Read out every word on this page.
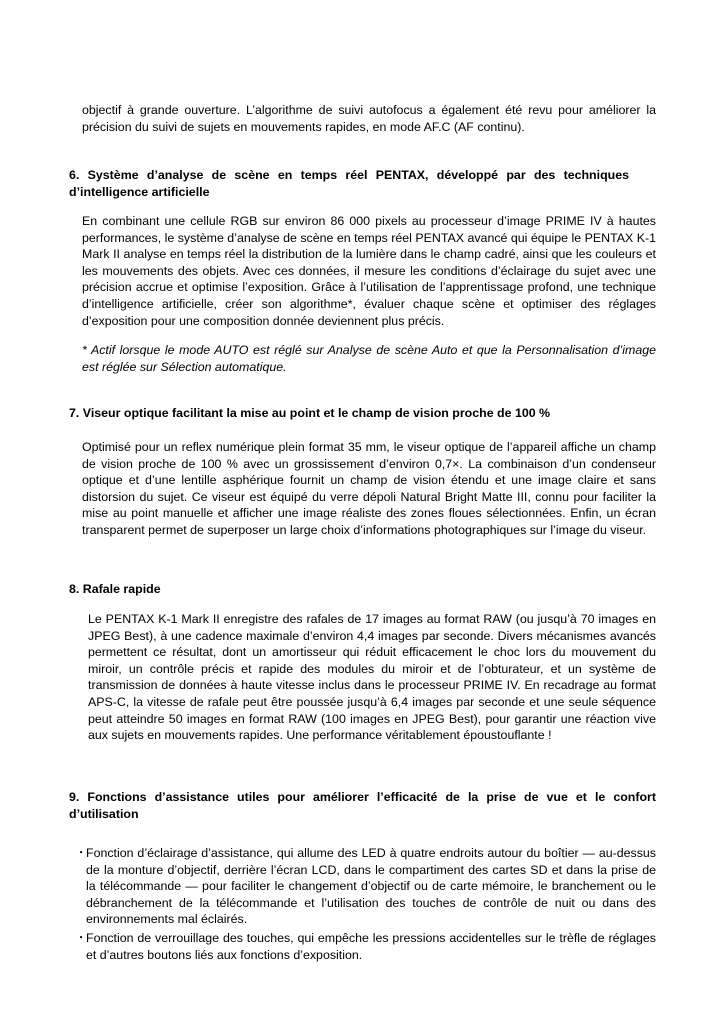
objectif à grande ouverture. L’algorithme de suivi autofocus a également été revu pour améliorer la précision du suivi de sujets en mouvements rapides, en mode AF.C (AF continu).

6. Système d’analyse de scène en temps réel PENTAX, développé par des techniques d’intelligence artificielle

En combinant une cellule RGB sur environ 86 000 pixels au processeur d’image PRIME IV à hautes performances, le système d’analyse de scène en temps réel PENTAX avancé qui équipe le PENTAX K-1 Mark II analyse en temps réel la distribution de la lumière dans le champ cadré, ainsi que les couleurs et les mouvements des objets. Avec ces données, il mesure les conditions d’éclairage du sujet avec une précision accrue et optimise l’exposition. Grâce à l’utilisation de l’apprentissage profond, une technique d’intelligence artificielle, créer son algorithme*, évaluer chaque scène et optimiser des réglages d’exposition pour une composition donnée deviennent plus précis.

* Actif lorsque le mode AUTO est réglé sur Analyse de scène Auto et que la Personnalisation d’image est réglée sur Sélection automatique.

7. Viseur optique facilitant la mise au point et le champ de vision proche de 100 %

Optimisé pour un reflex numérique plein format 35 mm, le viseur optique de l’appareil affiche un champ de vision proche de 100 % avec un grossissement d’environ 0,7×. La combinaison d’un condenseur optique et d’une lentille asphérique fournit un champ de vision étendu et une image claire et sans distorsion du sujet. Ce viseur est équipé du verre dépoli Natural Bright Matte III, connu pour faciliter la mise au point manuelle et afficher une image réaliste des zones floues sélectionnées. Enfin, un écran transparent permet de superposer un large choix d’informations photographiques sur l’image du viseur.

8. Rafale rapide

Le PENTAX K-1 Mark II enregistre des rafales de 17 images au format RAW (ou jusqu’à 70 images en JPEG Best), à une cadence maximale d’environ 4,4 images par seconde. Divers mécanismes avancés permettent ce résultat, dont un amortisseur qui réduit efficacement le choc lors du mouvement du miroir, un contrôle précis et rapide des modules du miroir et de l’obturateur, et un système de transmission de données à haute vitesse inclus dans le processeur PRIME IV. En recadrage au format APS-C, la vitesse de rafale peut être poussée jusqu’à 6,4 images par seconde et une seule séquence peut atteindre 50 images en format RAW (100 images en JPEG Best), pour garantir une réaction vive aux sujets en mouvements rapides. Une performance véritablement époustouflante !

9. Fonctions d’assistance utiles pour améliorer l’efficacité de la prise de vue et le confort d’utilisation

･ Fonction d’éclairage d’assistance, qui allume des LED à quatre endroits autour du boîtier — au-dessus de la monture d’objectif, derrière l’écran LCD, dans le compartiment des cartes SD et dans la prise de la télécommande — pour faciliter le changement d’objectif ou de carte mémoire, le branchement ou le débranchement de la télécommande et l’utilisation des touches de contrôle de nuit ou dans des environnements mal éclairés.

･ Fonction de verrouillage des touches, qui empêche les pressions accidentelles sur le trèfle de réglages et d’autres boutons liés aux fonctions d’exposition.
